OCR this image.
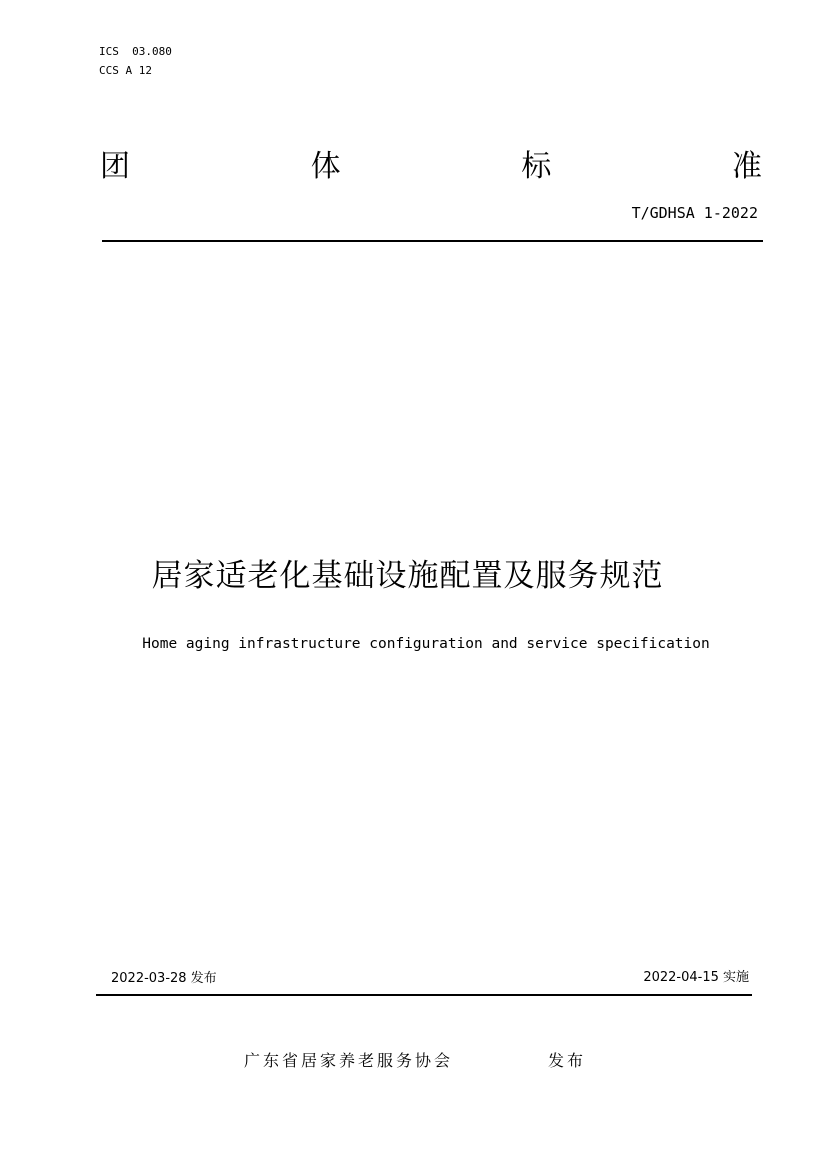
ICS  03.080
CCS A 12
团	体	标	准
T/GDHSA 1-2022
居家适老化基础设施配置及服务规范
Home aging infrastructure configuration and service specification
2022-03-28 发布	2022-04-15 实施
广东省居家养老服务协会	发布
